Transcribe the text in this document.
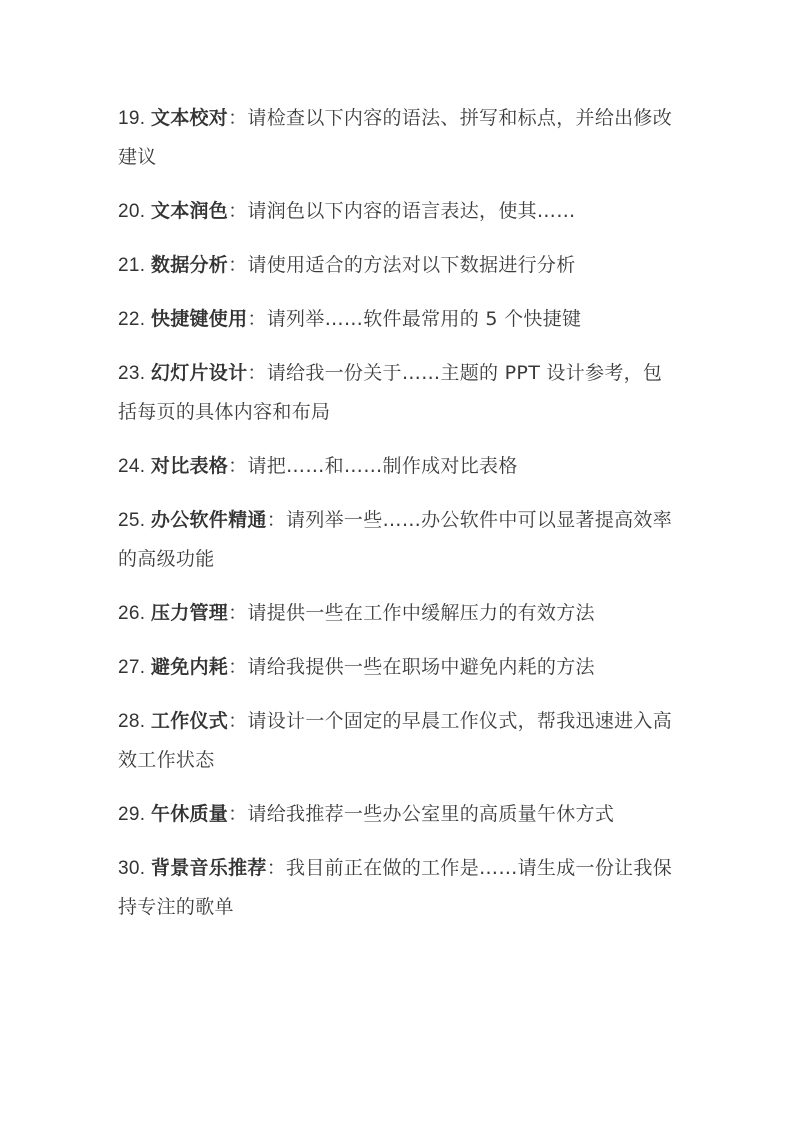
19. 文本校对：请检查以下内容的语法、拼写和标点，并给出修改建议

20. 文本润色：请润色以下内容的语言表达，使其……

21. 数据分析：请使用适合的方法对以下数据进行分析

22. 快捷键使用：请列举……软件最常用的 5 个快捷键

23. 幻灯片设计：请给我一份关于……主题的 PPT 设计参考，包括每页的具体内容和布局

24. 对比表格：请把……和……制作成对比表格

25. 办公软件精通：请列举一些……办公软件中可以显著提高效率的高级功能

26. 压力管理：请提供一些在工作中缓解压力的有效方法

27. 避免内耗：请给我提供一些在职场中避免内耗的方法

28. 工作仪式：请设计一个固定的早晨工作仪式，帮我迅速进入高效工作状态

29. 午休质量：请给我推荐一些办公室里的高质量午休方式

30. 背景音乐推荐：我目前正在做的工作是……请生成一份让我保持专注的歌单
